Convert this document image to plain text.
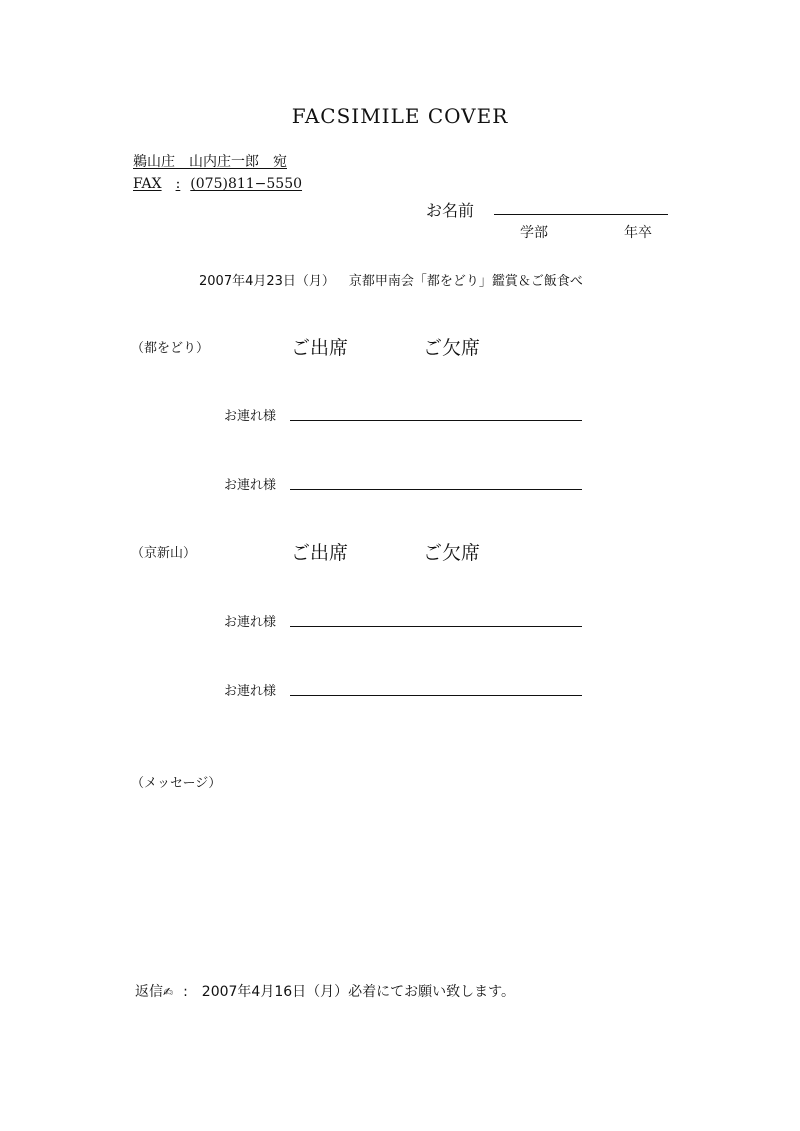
FACSIMILE COVER
鵜山庄　山内庄一郎　宛
FAX : (075)811−5550
お名前
学部	年卒
2007年4月23日（月） 京都甲南会「都をどり」鑑賞＆ご飯食べ
（都をどり）	ご出席	ご欠席
お連れ様
お連れ様
（京新山）	ご出席	ご欠席
お連れ様
お連れ様
（メッセージ）
返信✍ : 2007年4月16日（月）必着にてお願い致します。
